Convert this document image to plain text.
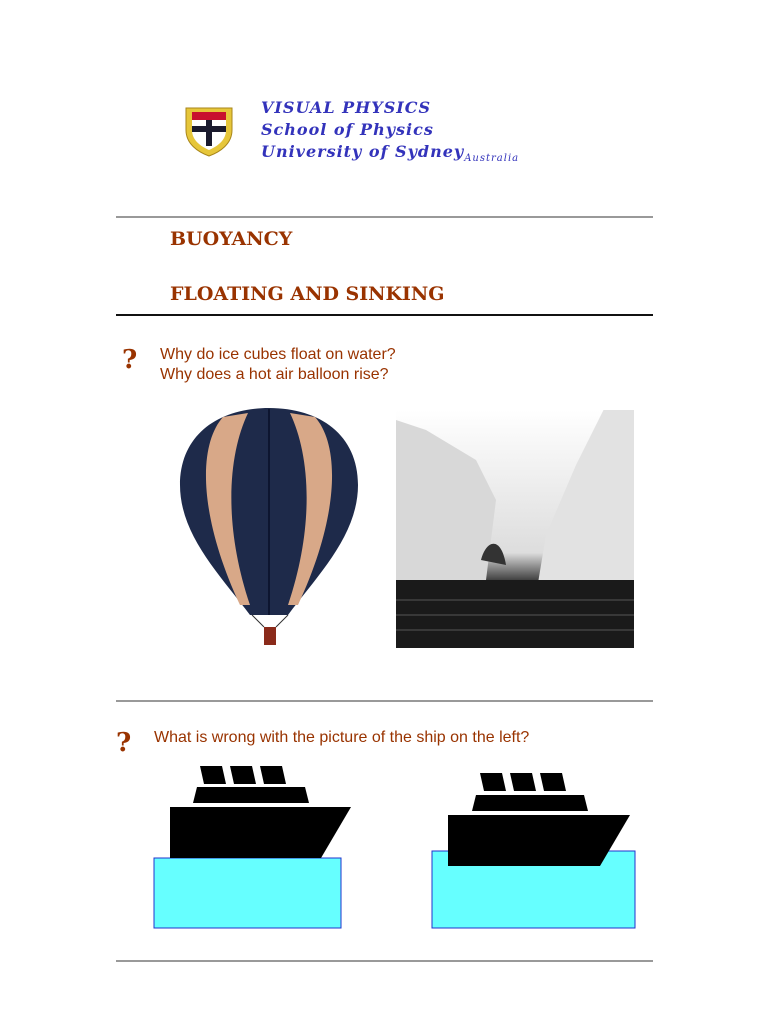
VISUAL PHYSICS
School of Physics
University of Sydney$_{Australia}$
BUOYANCY
FLOATING AND SINKING
? Why do ice cubes float on water?
Why does a hot air balloon rise?
? What is wrong with the picture of the ship on the left?
